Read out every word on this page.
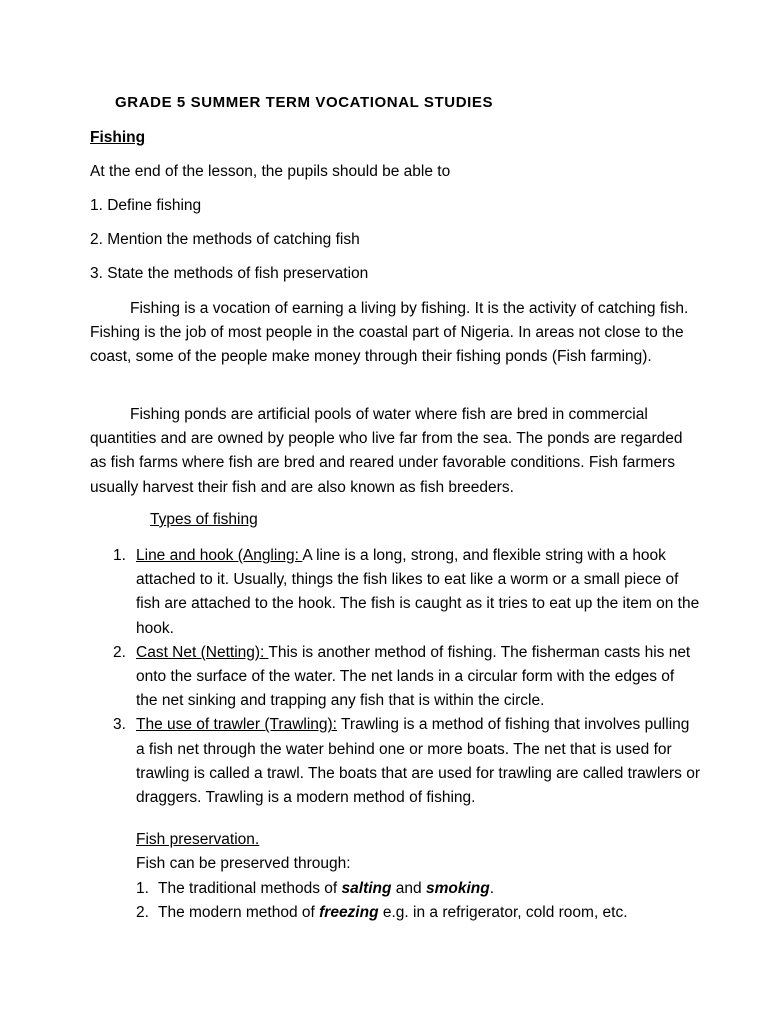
GRADE 5 SUMMER TERM VOCATIONAL STUDIES
Fishing
At the end of the lesson, the pupils should be able to
1. Define fishing
2. Mention the methods of catching fish
3. State the methods of fish preservation
Fishing is a vocation of earning a living by fishing. It is the activity of catching fish. Fishing is the job of most people in the coastal part of Nigeria. In areas not close to the coast, some of the people make money through their fishing ponds (Fish farming).
Fishing ponds are artificial pools of water where fish are bred in commercial quantities and are owned by people who live far from the sea. The ponds are regarded as fish farms where fish are bred and reared under favorable conditions. Fish farmers usually harvest their fish and are also known as fish breeders.
Types of fishing
1. Line and hook (Angling: A line is a long, strong, and flexible string with a hook attached to it. Usually, things the fish likes to eat like a worm or a small piece of fish are attached to the hook. The fish is caught as it tries to eat up the item on the hook.
2. Cast Net (Netting): This is another method of fishing. The fisherman casts his net onto the surface of the water. The net lands in a circular form with the edges of the net sinking and trapping any fish that is within the circle.
3. The use of trawler (Trawling): Trawling is a method of fishing that involves pulling a fish net through the water behind one or more boats. The net that is used for trawling is called a trawl. The boats that are used for trawling are called trawlers or draggers. Trawling is a modern method of fishing.
Fish preservation.
Fish can be preserved through:
1. The traditional methods of salting and smoking.
2. The modern method of freezing e.g. in a refrigerator, cold room, etc.
